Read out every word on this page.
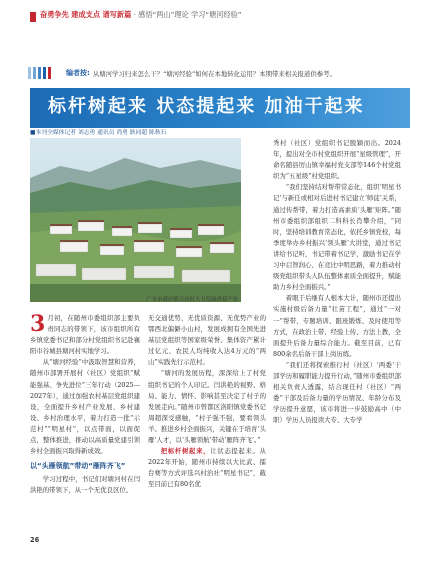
奋勇争先 建成支点 谱写新篇 · 感悟“两山”理论 学习“塘河经验”
编者按: 从塘河学习归来怎么干？“塘河经验”如何在本地转化运用？本期带来相关报道供参考。
标杆树起来 状态提起来 加油干起来
■本刊全媒体记者 刘志勇 通讯员 尚勇 耿同超 陈秋石
广水市郝店镇关店村大力发展香菇产业

3 月初，在随州市委组织部主要负责同志的带领下，该市组织所有乡镇党委书记和部分村党组织书记赴襄阳市谷城县塘河村实地学习。

从“塘河经验”中汲取智慧和营养，随州市部署开展村（社区）党组织“赋能强基、争先进位”三年行动（2025—2027年），通过加强农村基层党组织建设，全面提升乡村产业发展、乡村建设、乡村治理水平，着力打造一批“示范村”“明星村”，以点带面，以面促点，整体推进，推动以高质量党建引领乡村全面振兴取得新成效。

以“头雁领航”带动“雁阵齐飞”

学习过程中，书记们对塘河村在闫洪艳的带领下，从一个无优良区位、

无交通优势、无优质资源、无优势产业的鄂西北偏僻小山村，发展成拥有全国先进基层党组织等国家级荣誉、集体资产累计过亿元、农民人均纯收入达4万元的“两山”实践先行示范村。

“塘河的发展历程，深深给上了村党组织书记的个人印记。闫洪艳的视野、格局、能力、情怀、影响甚至决定了村子的发展走向。”随州市曾都区洛阳镇党委书记周超深受感触，“村子强不强，要看领头羊。推进乡村全面振兴，关键在于培育‘头雁’人才，以‘头雁领航’带动‘雁阵齐飞’。”

把标杆树起来，让状态提起来。从2022年开始，随州市持续以大比武、擂台赛等方式评选兴村治社“明星书记”，截至目前已有80名优

秀村（社区）党组织书记脱颖而出。2024年，提出对全市村党组织开展“星级管理”，开命名随县厉山镇幸福村党支部等146个村党组织为“五星级”村党组织。

“我们坚持结对帮带常态化，组织‘明星书记’与新任或相对后进村书记建立‘师徒’关系，通过传帮带，着力打造高素质‘头雁’矩阵。”随州市委组织部组织二科科长肖攀介绍，“同时，坚持培训教育常态化，依托乡镇党校，每季度举办乡村振兴‘领头雁’大讲堂，通过书记讲给书记听，书记带着书记学，激励书记在学习中启智润心、在竞比中明思路，着力推动村级党组织带头人队伍整体素质全面提升，赋能助力乡村全面振兴。”

着眼于后继有人根本大计，随州市还提出实施村级后备力量“壮苗工程”，通过“一对一”帮带、专题培训、跟班锻炼、及时使用等方式，在政治上带、经验上传、方法上教，全面提升后备力量综合能力。截至目前，已有800余名后备干部上岗历练。

“我们还将探索推行村（社区）‘两委’干部学历和履职能力提升行动，”随州市委组织部相关负责人透露，结合现任村（社区）“两委”干部及后备力量的学历情况、年龄分布及学历提升意愿，该市将进一步鼓励高中（中职）学历人员报读大专、大专学

26
